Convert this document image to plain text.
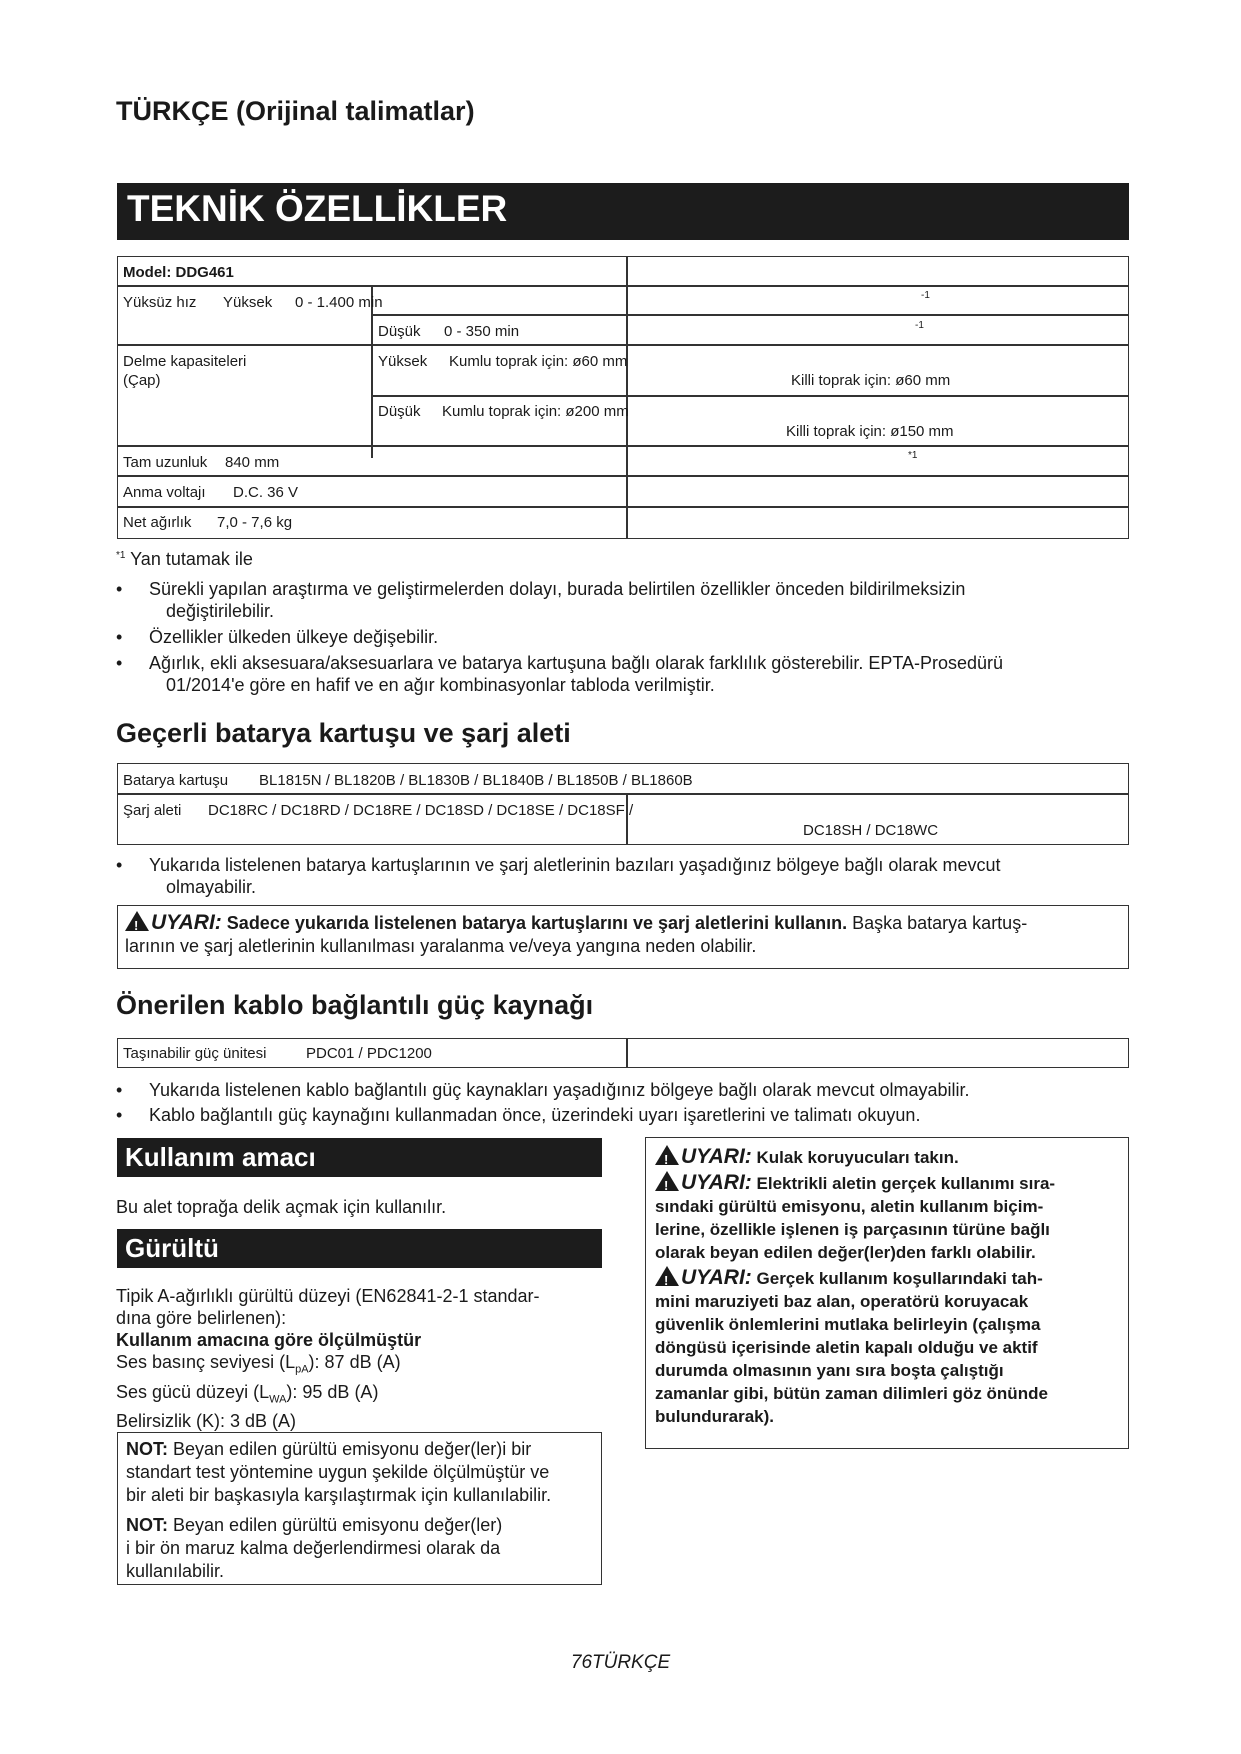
TÜRKÇE (Orijinal talimatlar)
TEKNİK ÖZELLİKLER
Model: DDG461
Yüksüz hız Yüksek 0 - 1.400 min	-1
Düşük 0 - 350 min	-1
Delme kapasiteleri
(Çap)
Yüksek Kumlu toprak için: ø60 mm
Killi toprak için: ø60 mm
Düşük Kumlu toprak için: ø200 mm
Killi toprak için: ø150 mm
Tam uzunluk 840 mm	*1
Anma voltajı D.C. 36 V
Net ağırlık 7,0 - 7,6 kg
$^{*1}$ Yan tutamak ile
• Sürekli yapılan araştırma ve geliştirmelerden dolayı, burada belirtilen özellikler önceden bildirilmeksizin
değiştirilebilir.
• Özellikler ülkeden ülkeye değişebilir.
• Ağırlık, ekli aksesuara/aksesuarlara ve batarya kartuşuna bağlı olarak farklılık gösterebilir. EPTA-Prosedürü
01/2014'e göre en hafif ve en ağır kombinasyonlar tabloda verilmiştir.
Geçerli batarya kartuşu ve şarj aleti
Batarya kartuşu BL1815N / BL1820B / BL1830B / BL1840B / BL1850B / BL1860B
Şarj aleti DC18RC / DC18RD / DC18RE / DC18SD / DC18SE / DC18SF /
DC18SH / DC18WC
• Yukarıda listelenen batarya kartuşlarının ve şarj aletlerinin bazıları yaşadığınız bölgeye bağlı olarak mevcut
olmayabilir.
!UYARI: Sadece yukarıda listelenen batarya kartuşlarını ve şarj aletlerini kullanın. Başka batarya kartuş-
larının ve şarj aletlerinin kullanılması yaralanma ve/veya yangına neden olabilir.
Önerilen kablo bağlantılı güç kaynağı
Taşınabilir güç ünitesi	PDC01 / PDC1200
• Yukarıda listelenen kablo bağlantılı güç kaynakları yaşadığınız bölgeye bağlı olarak mevcut olmayabilir.
• Kablo bağlantılı güç kaynağını kullanmadan önce, üzerindeki uyarı işaretlerini ve talimatı okuyun.
Kullanım amacı
Bu alet toprağa delik açmak için kullanılır.
Gürültü
Tipik A-ağırlıklı gürültü düzeyi (EN62841-2-1 standar-
dına göre belirlenen):
Kullanım amacına göre ölçülmüştür
Ses basınç seviyesi $(L_{pA})$: 87 dB (A)
Ses gücü düzeyi $(L_{WA})$: 95 dB (A)
Belirsizlik (K): 3 dB (A)

NOT: Beyan edilen gürültü emisyonu değer(ler)i bir
standart test yöntemine uygun şekilde ölçülmüştür ve
bir aleti bir başkasıyla karşılaştırmak için kullanılabilir.

NOT: Beyan edilen gürültü emisyonu değer(ler)
i bir ön maruz kalma değerlendirmesi olarak da
kullanılabilir.

!UYARI: Kulak koruyucuları takın.

!UYARI: Elektrikli aletin gerçek kullanımı sıra-
sındaki gürültü emisyonu, aletin kullanım biçim-
lerine, özellikle işlenen iş parçasının türüne bağlı
olarak beyan edilen değer(ler)den farklı olabilir.

!UYARI: Gerçek kullanım koşullarındaki tah-
mini maruziyeti baz alan, operatörü koruyacak
güvenlik önlemlerini mutlaka belirleyin (çalışma
döngüsü içerisinde aletin kapalı olduğu ve aktif
durumda olmasının yanı sıra boşta çalıştığı
zamanlar gibi, bütün zaman dilimleri göz önünde
bulundurarak).

76TÜRKÇE
